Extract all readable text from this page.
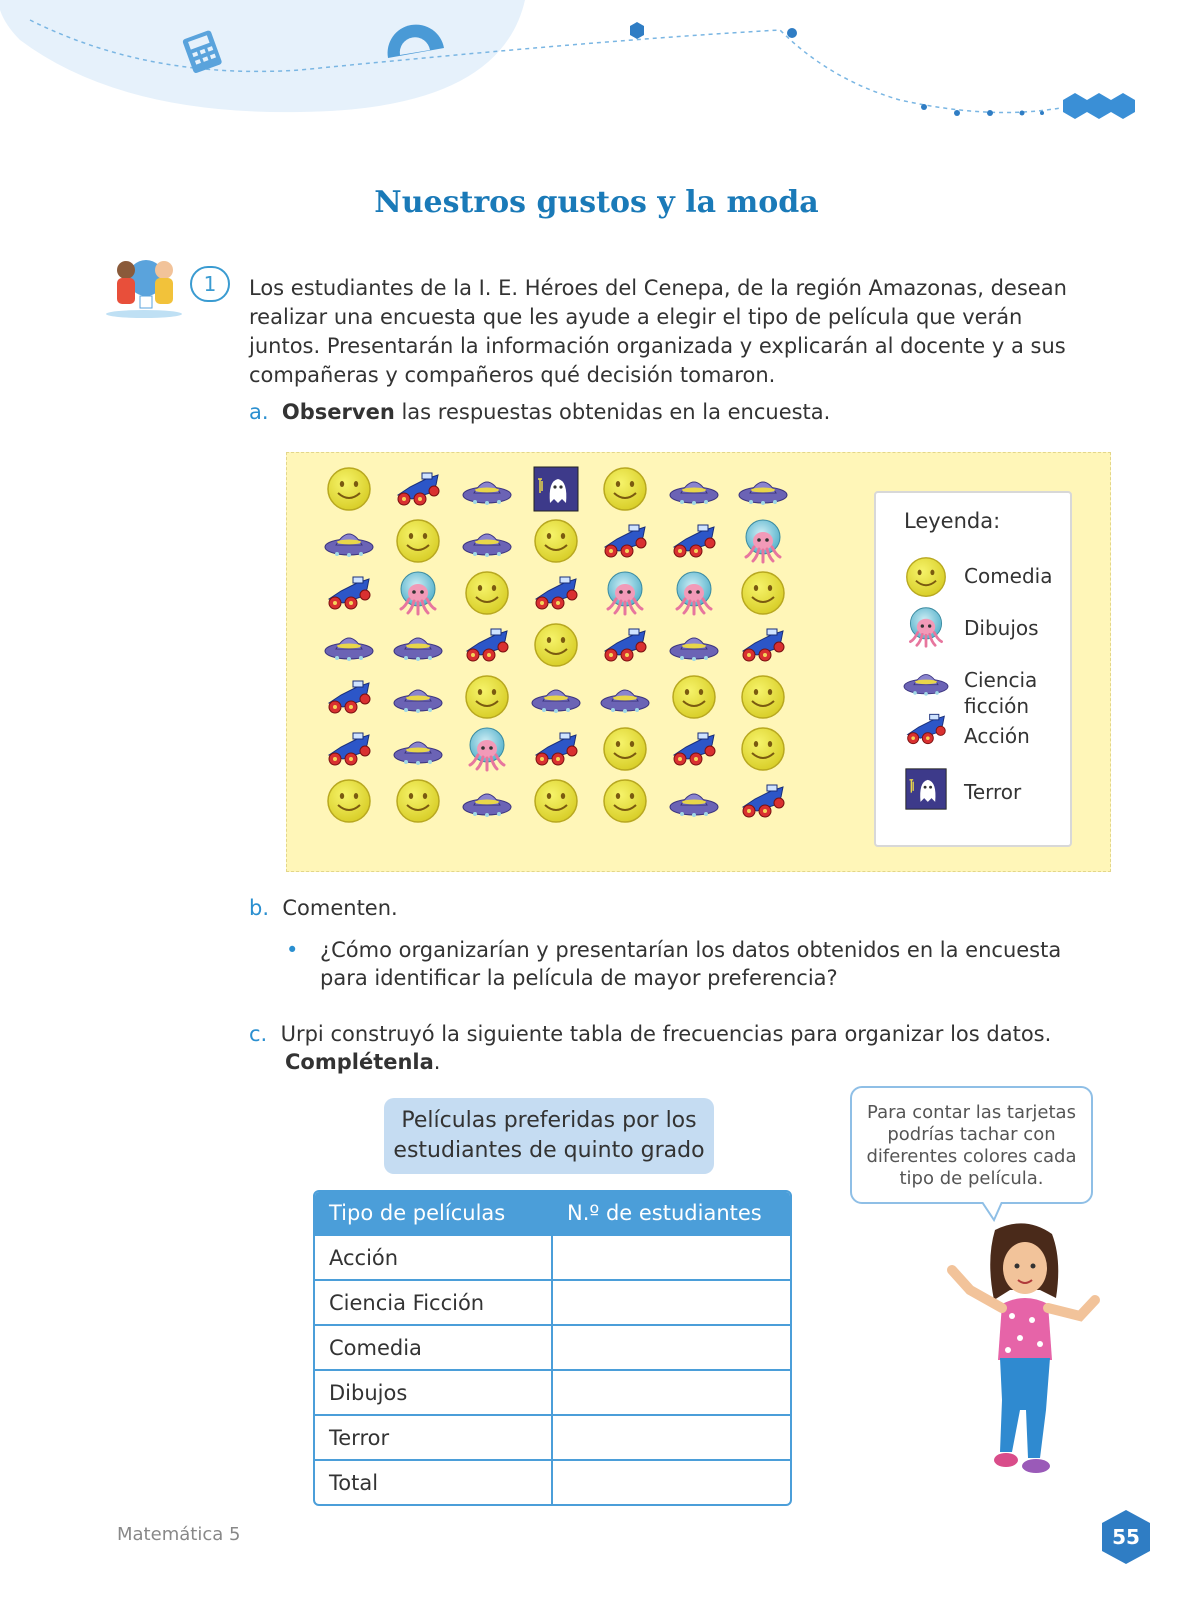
Nuestros gustos y la moda
1	Los estudiantes de la I. E. Héroes del Cenepa, de la región Amazonas, desean realizar una encuesta que les ayude a elegir el tipo de película que verán juntos. Presentarán la información organizada y explicarán al docente y a sus compañeras y compañeros qué decisión tomaron.
a. Observen las respuestas obtenidas en la encuesta.
Leyenda:
Comedia
Dibujos
Ciencia ficción
Acción
Terror
b. Comenten.
• ¿Cómo organizarían y presentarían los datos obtenidos en la encuesta para identificar la película de mayor preferencia?
c. Urpi construyó la siguiente tabla de frecuencias para organizar los datos.
Complétenla.
Películas preferidas por los estudiantes de quinto grado
Tipo de películas	N.º de estudiantes
Acción	
Ciencia Ficción	
Comedia	
Dibujos	
Terror	
Total	
Para contar las tarjetas podrías tachar con diferentes colores cada tipo de película.
Matemática 5	55
